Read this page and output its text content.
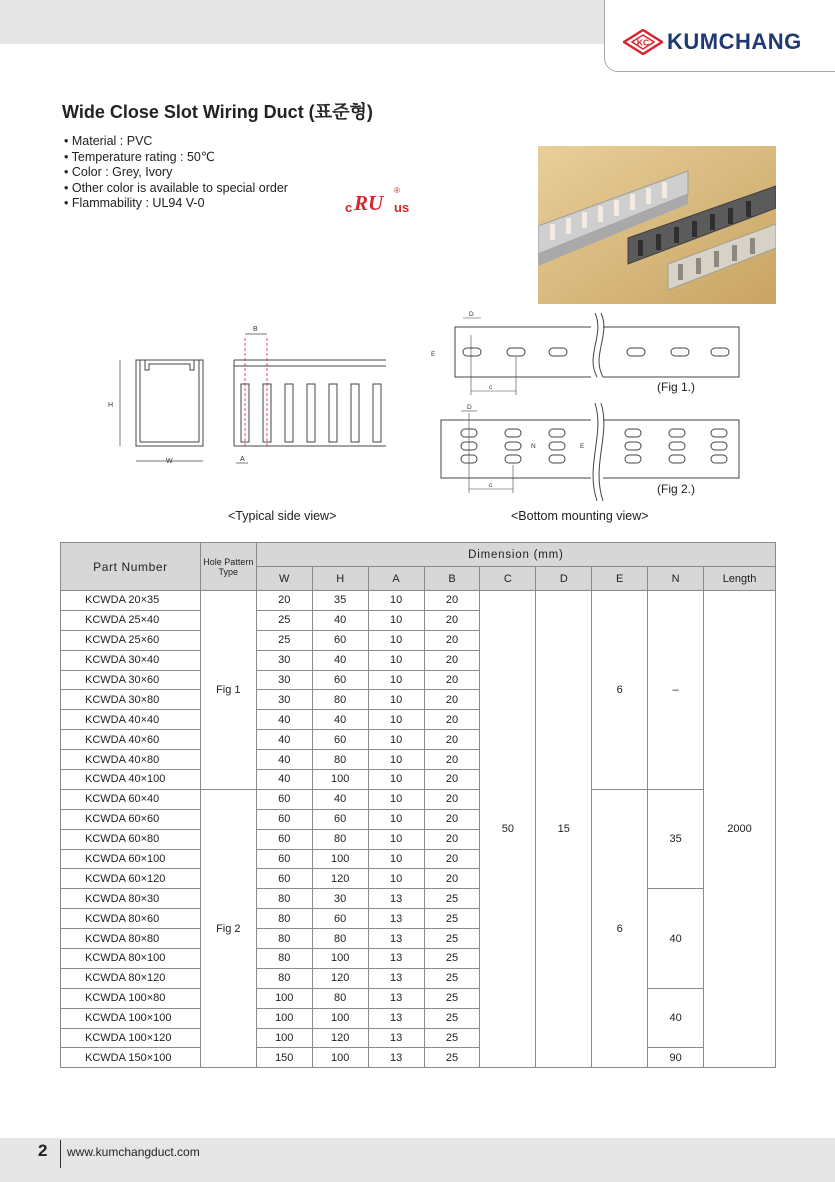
KC KUMCHANG
Wide Close Slot Wiring Duct (표준형)
• Material : PVC
• Temperature rating : 50℃
• Color : Grey, Ivory
• Other color is available to special order
• Flammability : UL94 V-0	c RU us
®
H
W
B
A
c
D
E
(Fig 1.)
c
D
N	E
(Fig 2.)
<Typical side view>	<Bottom mounting view>
Part Number	Hole Pattern Type	Dimension (mm)								
		W	H	A	B	C	D	E	N	Length
KCWDA 20×35	Fig 1	20	35	10	20	50	15	6	–	2000
KCWDA 25×40		25	40	10	20					
KCWDA 25×60		25	60	10	20					
KCWDA 30×40		30	40	10	20					
KCWDA 30×60		30	60	10	20					
KCWDA 30×80		30	80	10	20					
KCWDA 40×40		40	40	10	20					
KCWDA 40×60		40	60	10	20					
KCWDA 40×80		40	80	10	20					
KCWDA 40×100		40	100	10	20					
KCWDA 60×40	Fig 2	60	40	10	20			6	35	
KCWDA 60×60		60	60	10	20					
KCWDA 60×80		60	80	10	20					
KCWDA 60×100		60	100	10	20					
KCWDA 60×120		60	120	10	20					
KCWDA 80×30		80	30	13	25				40	
KCWDA 80×60		80	60	13	25					
KCWDA 80×80		80	80	13	25					
KCWDA 80×100		80	100	13	25					
KCWDA 80×120		80	120	13	25					
KCWDA 100×80		100	80	13	25				40	
KCWDA 100×100		100	100	13	25					
KCWDA 100×120		100	120	13	25					
KCWDA 150×100		150	100	13	25				90	
2 www.kumchangduct.com
